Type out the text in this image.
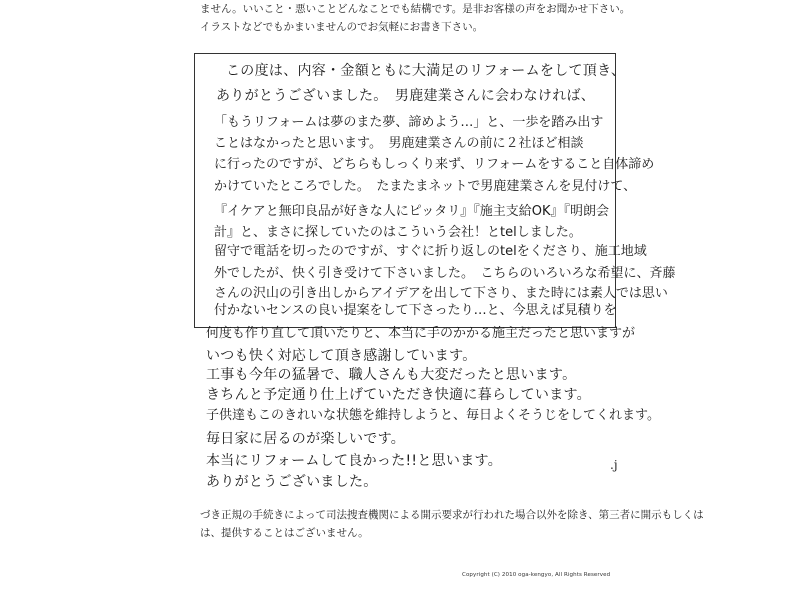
ません。いいこと・悪いことどんなことでも結構です。是非お客様の声をお聞かせ下さい。
イラストなどでもかまいませんのでお気軽にお書き下さい。
この度は、内容・金額ともに大満足のリフォームをして頂き、
ありがとうございました。　男鹿建業さんに会わなければ、
「もうリフォームは夢のまた夢、諦めよう…」と、一歩を踏み出す
ことはなかったと思います。　男鹿建業さんの前に２社ほど相談
に行ったのですが、どちらもしっくり来ず、リフォームをすること自体諦め
かけていたところでした。　たまたまネットで男鹿建業さんを見付けて、
『イケアと無印良品が好きな人にピッタリ』『施主支給OK』『明朗会
計』と、まさに探していたのはこういう会社！とtelしました。
留守で電話を切ったのですが、すぐに折り返しのtelをくださり、施工地域
外でしたが、快く引き受けて下さいました。　こちらのいろいろな希望に、斉藤
さんの沢山の引き出しからアイデアを出して下さり、また時には素人では思い
付かないセンスの良い提案をして下さったり…と、今思えば見積りを
何度も作り直して頂いたりと、本当に手のかかる施主だったと思いますが
いつも快く対応して頂き感謝しています。
工事も今年の猛暑で、職人さんも大変だったと思います。
きちんと予定通り仕上げていただき快適に暮らしています。
子供達もこのきれいな状態を維持しようと、毎日よくそうじをしてくれます。
毎日家に居るのが楽しいです。
本当にリフォームして良かった!!と思います。
ありがとうございました。
.j
づき正規の手続きによって司法捜査機関による開示要求が行われた場合以外を除き、第三者に開示もしくは
は、提供することはございません。
Copyright (C) 2010 oga-kengyo, All Rights Reserved
